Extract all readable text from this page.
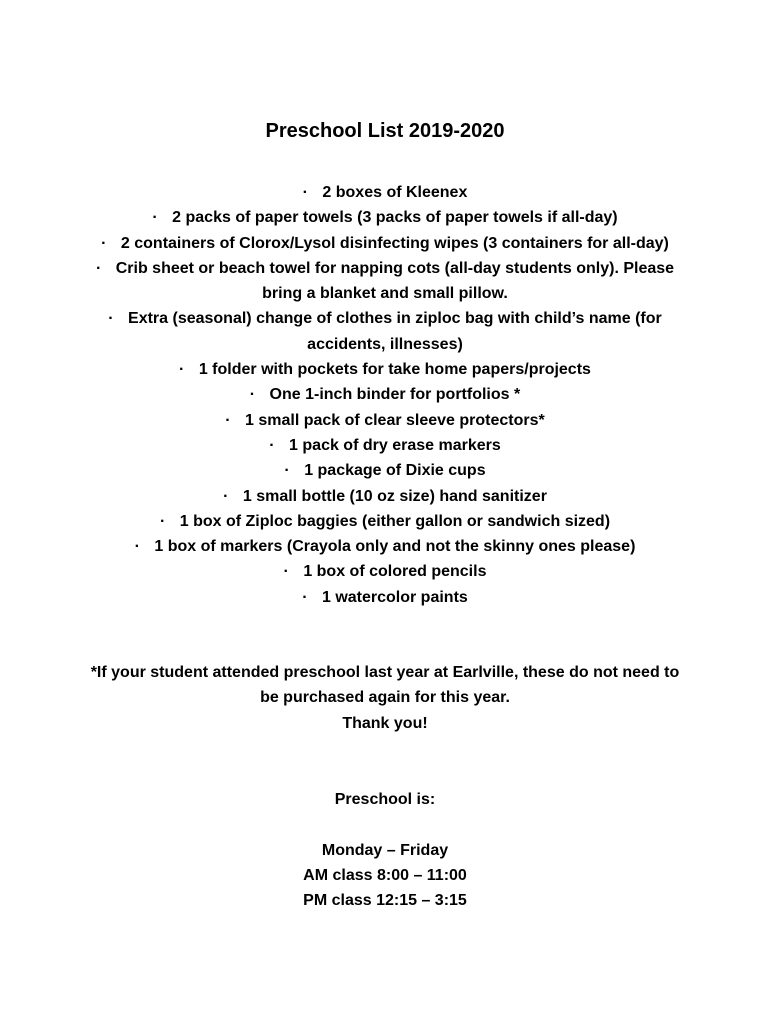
Preschool List 2019-2020
· 2 boxes of Kleenex
· 2 packs of paper towels (3 packs of paper towels if all-day)
· 2 containers of Clorox/Lysol disinfecting wipes (3 containers for all-day)
· Crib sheet or beach towel for napping cots (all-day students only). Please bring a blanket and small pillow.
· Extra (seasonal) change of clothes in ziploc bag with child’s name (for accidents, illnesses)
· 1 folder with pockets for take home papers/projects
· One 1-inch binder for portfolios *
· 1 small pack of clear sleeve protectors*
· 1 pack of dry erase markers
· 1 package of Dixie cups
· 1 small bottle (10 oz size) hand sanitizer
· 1 box of Ziploc baggies (either gallon or sandwich sized)
· 1 box of markers (Crayola only and not the skinny ones please)
· 1 box of colored pencils
· 1 watercolor paints
*If your student attended preschool last year at Earlville, these do not need to be purchased again for this year.
Thank you!
Preschool is:
Monday – Friday
AM class 8:00 – 11:00
PM class 12:15 – 3:15
